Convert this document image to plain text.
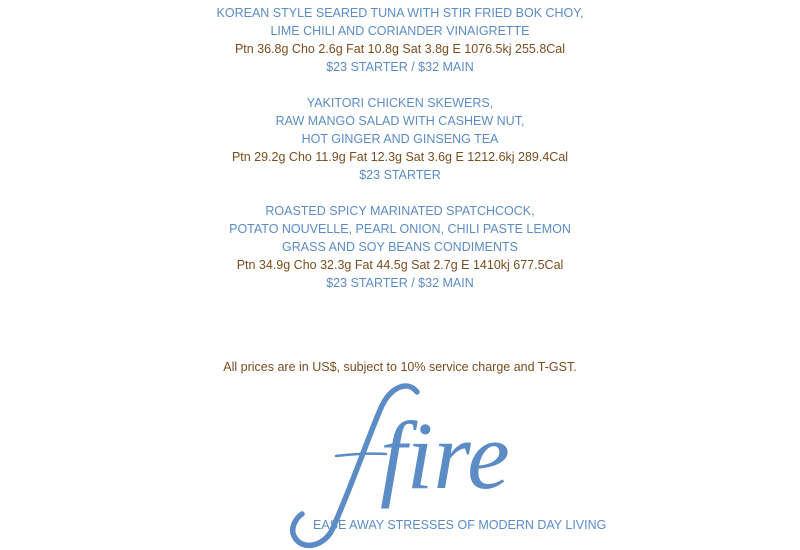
KOREAN STYLE SEARED TUNA WITH STIR FRIED BOK CHOY,
LIME CHILI AND CORIANDER VINAIGRETTE
Ptn 36.8g Cho 2.6g Fat 10.8g Sat 3.8g E 1076.5kj 255.8Cal
$23 STARTER / $32 MAIN
YAKITORI CHICKEN SKEWERS,
RAW MANGO SALAD WITH CASHEW NUT,
HOT GINGER AND GINSENG TEA
Ptn 29.2g Cho 11.9g Fat 12.3g Sat 3.6g E 1212.6kj 289.4Cal
$23 STARTER
ROASTED SPICY MARINATED SPATCHCOCK,
POTATO NOUVELLE, PEARL ONION, CHILI PASTE LEMON
GRASS AND SOY BEANS CONDIMENTS
Ptn 34.9g Cho 32.3g Fat 44.5g Sat 2.7g E 1410kj 677.5Cal
$23 STARTER / $32 MAIN
All prices are in US$, subject to 10% service charge and T-GST.
fire
EASE AWAY STRESSES OF MODERN DAY LIVING
